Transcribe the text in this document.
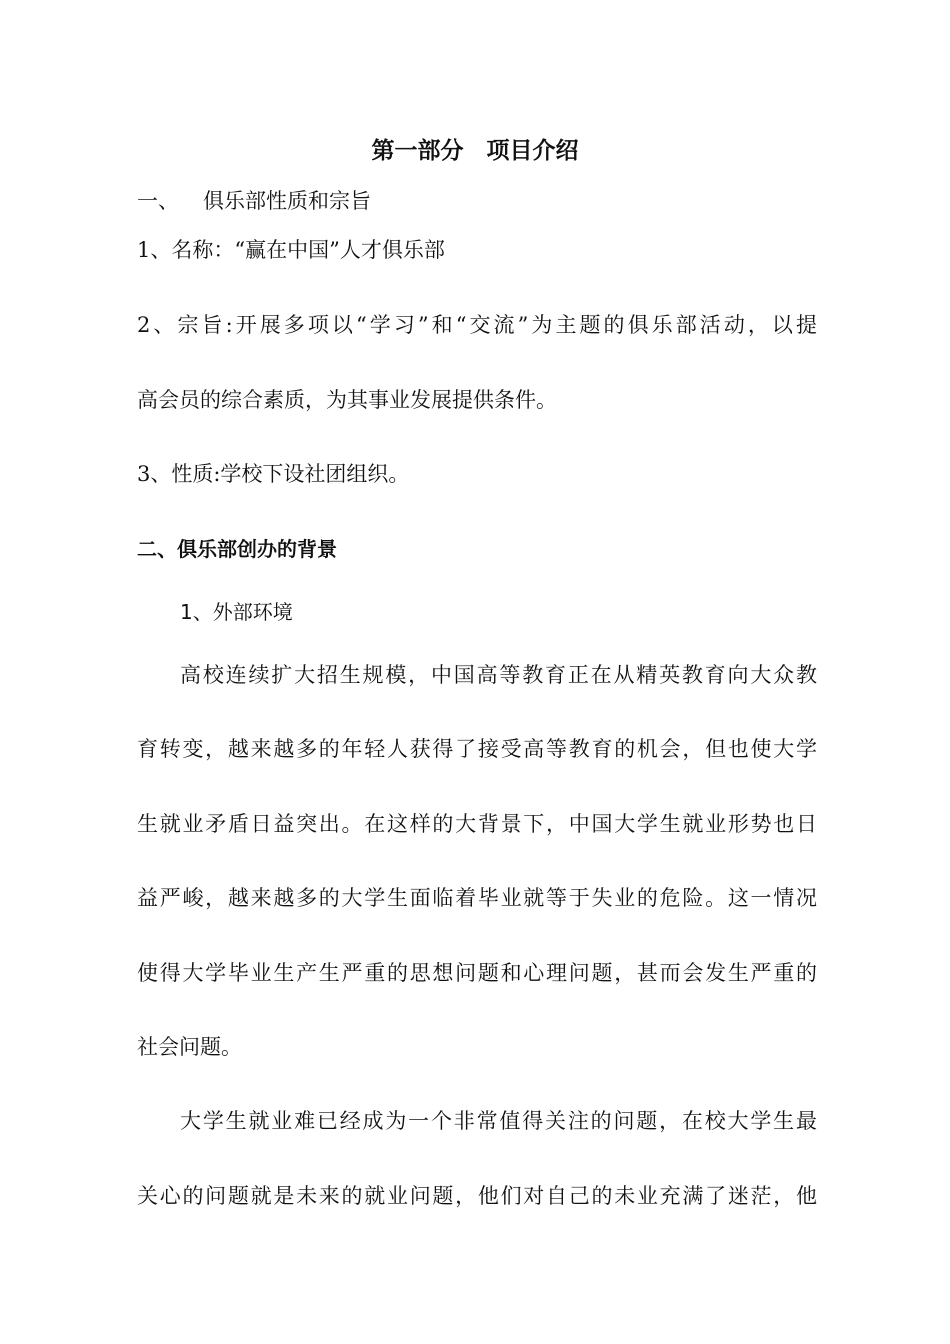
第一部分　项目介绍
一、 俱乐部性质和宗旨
1、名称：“赢在中国”人才俱乐部
2、宗旨:开展多项以“学习”和“交流”为主题的俱乐部活动，以提
高会员的综合素质，为其事业发展提供条件。
3、性质:学校下设社团组织。
二、俱乐部创办的背景
1、外部环境
高校连续扩大招生规模，中国高等教育正在从精英教育向大众教
育转变，越来越多的年轻人获得了接受高等教育的机会，但也使大学
生就业矛盾日益突出。在这样的大背景下，中国大学生就业形势也日
益严峻，越来越多的大学生面临着毕业就等于失业的危险。这一情况
使得大学毕业生产生严重的思想问题和心理问题，甚而会发生严重的
社会问题。
大学生就业难已经成为一个非常值得关注的问题，在校大学生最
关心的问题就是未来的就业问题，他们对自己的未业充满了迷茫，他
